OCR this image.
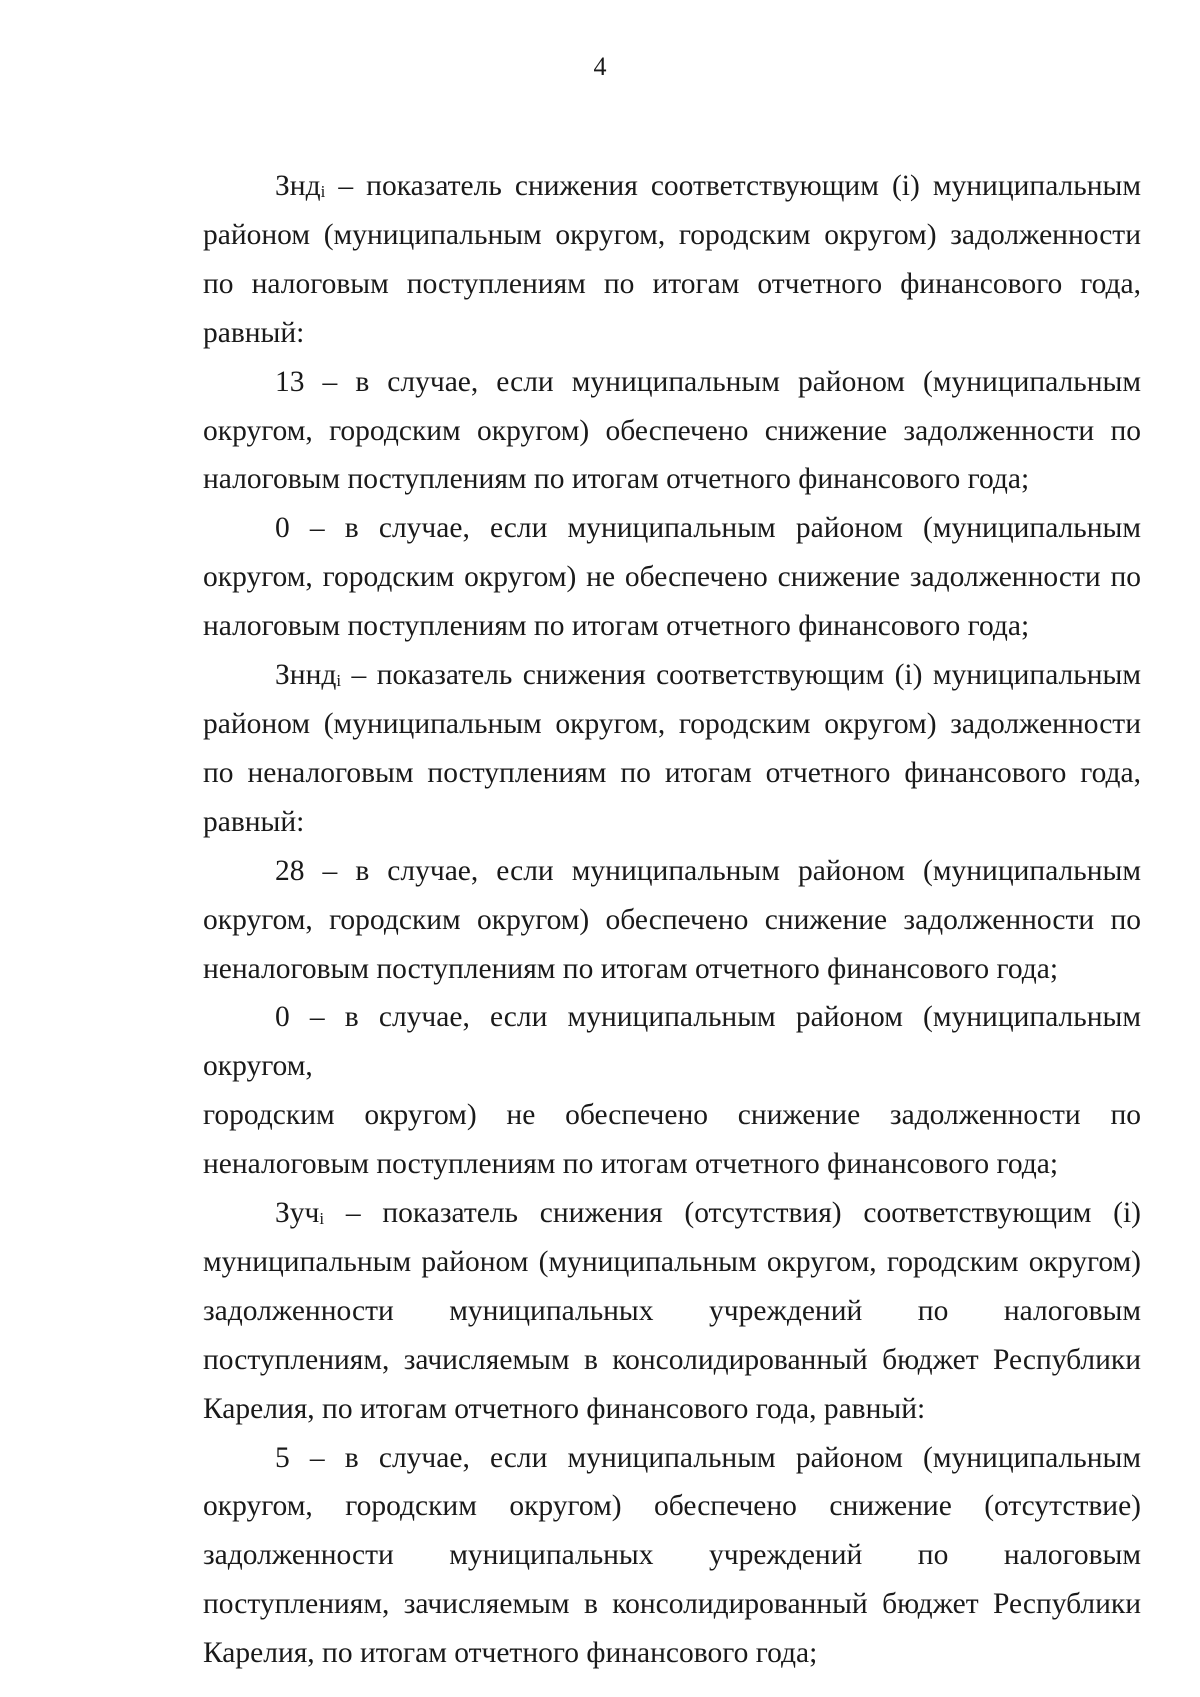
4

Знд$_i$ – показатель снижения соответствующим (i) муниципальным районом (муниципальным округом, городским округом) задолженности по налоговым поступлениям по итогам отчетного финансового года, равный:

13 – в случае, если муниципальным районом (муниципальным округом, городским округом) обеспечено снижение задолженности по налоговым поступлениям по итогам отчетного финансового года;

0 – в случае, если муниципальным районом (муниципальным округом, городским округом) не обеспечено снижение задолженности по налоговым поступлениям по итогам отчетного финансового года;

Зннд$_i$ – показатель снижения соответствующим (i) муниципальным районом (муниципальным округом, городским округом) задолженности по неналоговым поступлениям по итогам отчетного финансового года, равный:

28 – в случае, если муниципальным районом (муниципальным округом, городским округом) обеспечено снижение задолженности по неналоговым поступлениям по итогам отчетного финансового года;

0 – в случае, если муниципальным районом (муниципальным округом,

городским округом) не обеспечено снижение задолженности по
неналоговым поступлениям по итогам отчетного финансового года;

Зуч$_i$ – показатель снижения (отсутствия) соответствующим (i) муниципальным районом (муниципальным округом, городским округом) задолженности муниципальных учреждений по налоговым поступлениям, зачисляемым в консолидированный бюджет Республики Карелия, по итогам отчетного финансового года, равный:

5 – в случае, если муниципальным районом (муниципальным округом, городским округом) обеспечено снижение (отсутствие) задолженности муниципальных учреждений по налоговым поступлениям, зачисляемым в консолидированный бюджет Республики Карелия, по итогам отчетного финансового года;
